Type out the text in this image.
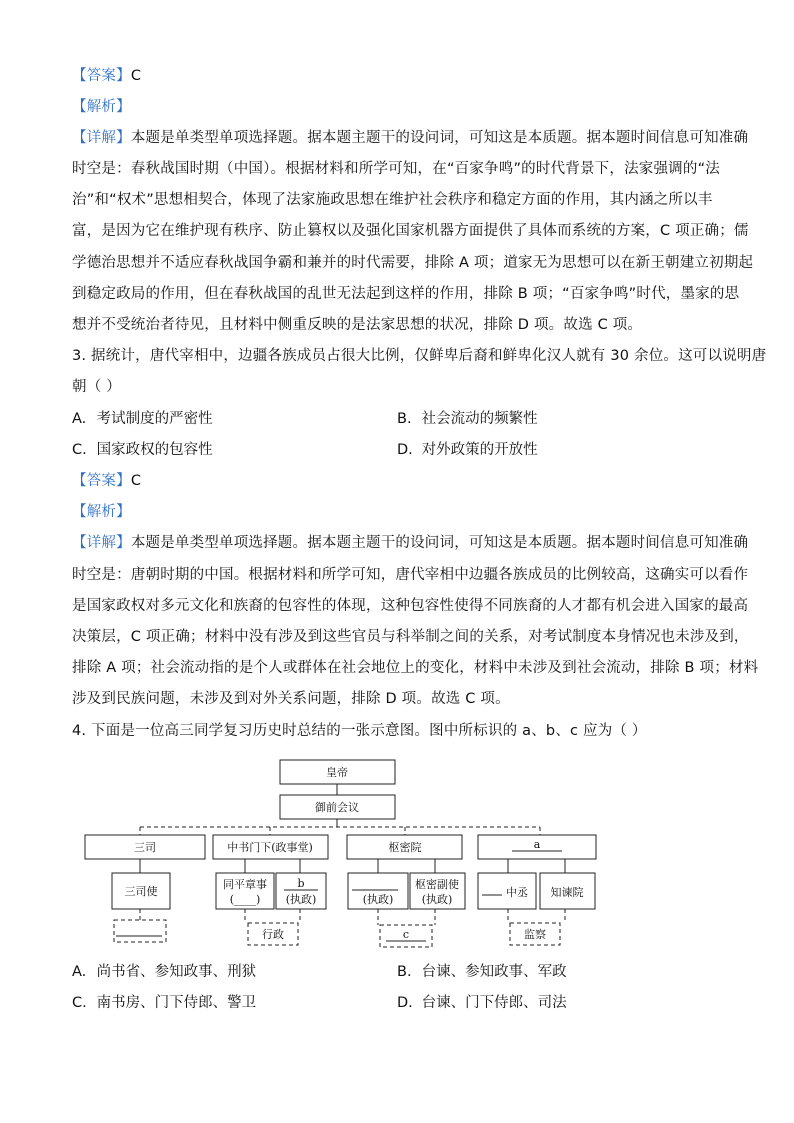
【答案】C
【解析】
【详解】本题是单类型单项选择题。据本题主题干的设问词，可知这是本质题。据本题时间信息可知准确
时空是：春秋战国时期（中国）。根据材料和所学可知，在“百家争鸣”的时代背景下，法家强调的“法
治”和“权术”思想相契合，体现了法家施政思想在维护社会秩序和稳定方面的作用，其内涵之所以丰
富，是因为它在维护现有秩序、防止篡权以及强化国家机器方面提供了具体而系统的方案，C 项正确；儒
学德治思想并不适应春秋战国争霸和兼并的时代需要，排除 A 项；道家无为思想可以在新王朝建立初期起
到稳定政局的作用，但在春秋战国的乱世无法起到这样的作用，排除 B 项；“百家争鸣”时代，墨家的思
想并不受统治者待见，且材料中侧重反映的是法家思想的状况，排除 D 项。故选 C 项。
3. 据统计，唐代宰相中，边疆各族成员占很大比例，仅鲜卑后裔和鲜卑化汉人就有 30 余位。这可以说明唐
朝（ ）
A. 考试制度的严密性	B. 社会流动的频繁性
C. 国家政权的包容性	D. 对外政策的开放性
【答案】C
【解析】
【详解】本题是单类型单项选择题。据本题主题干的设问词，可知这是本质题。据本题时间信息可知准确
时空是：唐朝时期的中国。根据材料和所学可知，唐代宰相中边疆各族成员的比例较高，这确实可以看作
是国家政权对多元文化和族裔的包容性的体现，这种包容性使得不同族裔的人才都有机会进入国家的最高
决策层，C 项正确；材料中没有涉及到这些官员与科举制之间的关系，对考试制度本身情况也未涉及到，
排除 A 项；社会流动指的是个人或群体在社会地位上的变化，材料中未涉及到社会流动，排除 B 项；材料
涉及到民族问题，未涉及到对外关系问题，排除 D 项。故选 C 项。
4. 下面是一位高三同学复习历史时总结的一张示意图。图中所标识的 a、b、c 应为（ ）
皇帝
御前会议
三司	中书门下(政事堂)	枢密院	a
三司使
同平章事
(____)
b
(执政)	(执政)
枢密副使
(执政)
中丞 知谏院
行政	c	监察
A. 尚书省、参知政事、刑狱	B. 台谏、参知政事、军政
C. 南书房、门下侍郎、警卫	D. 台谏、门下侍郎、司法
